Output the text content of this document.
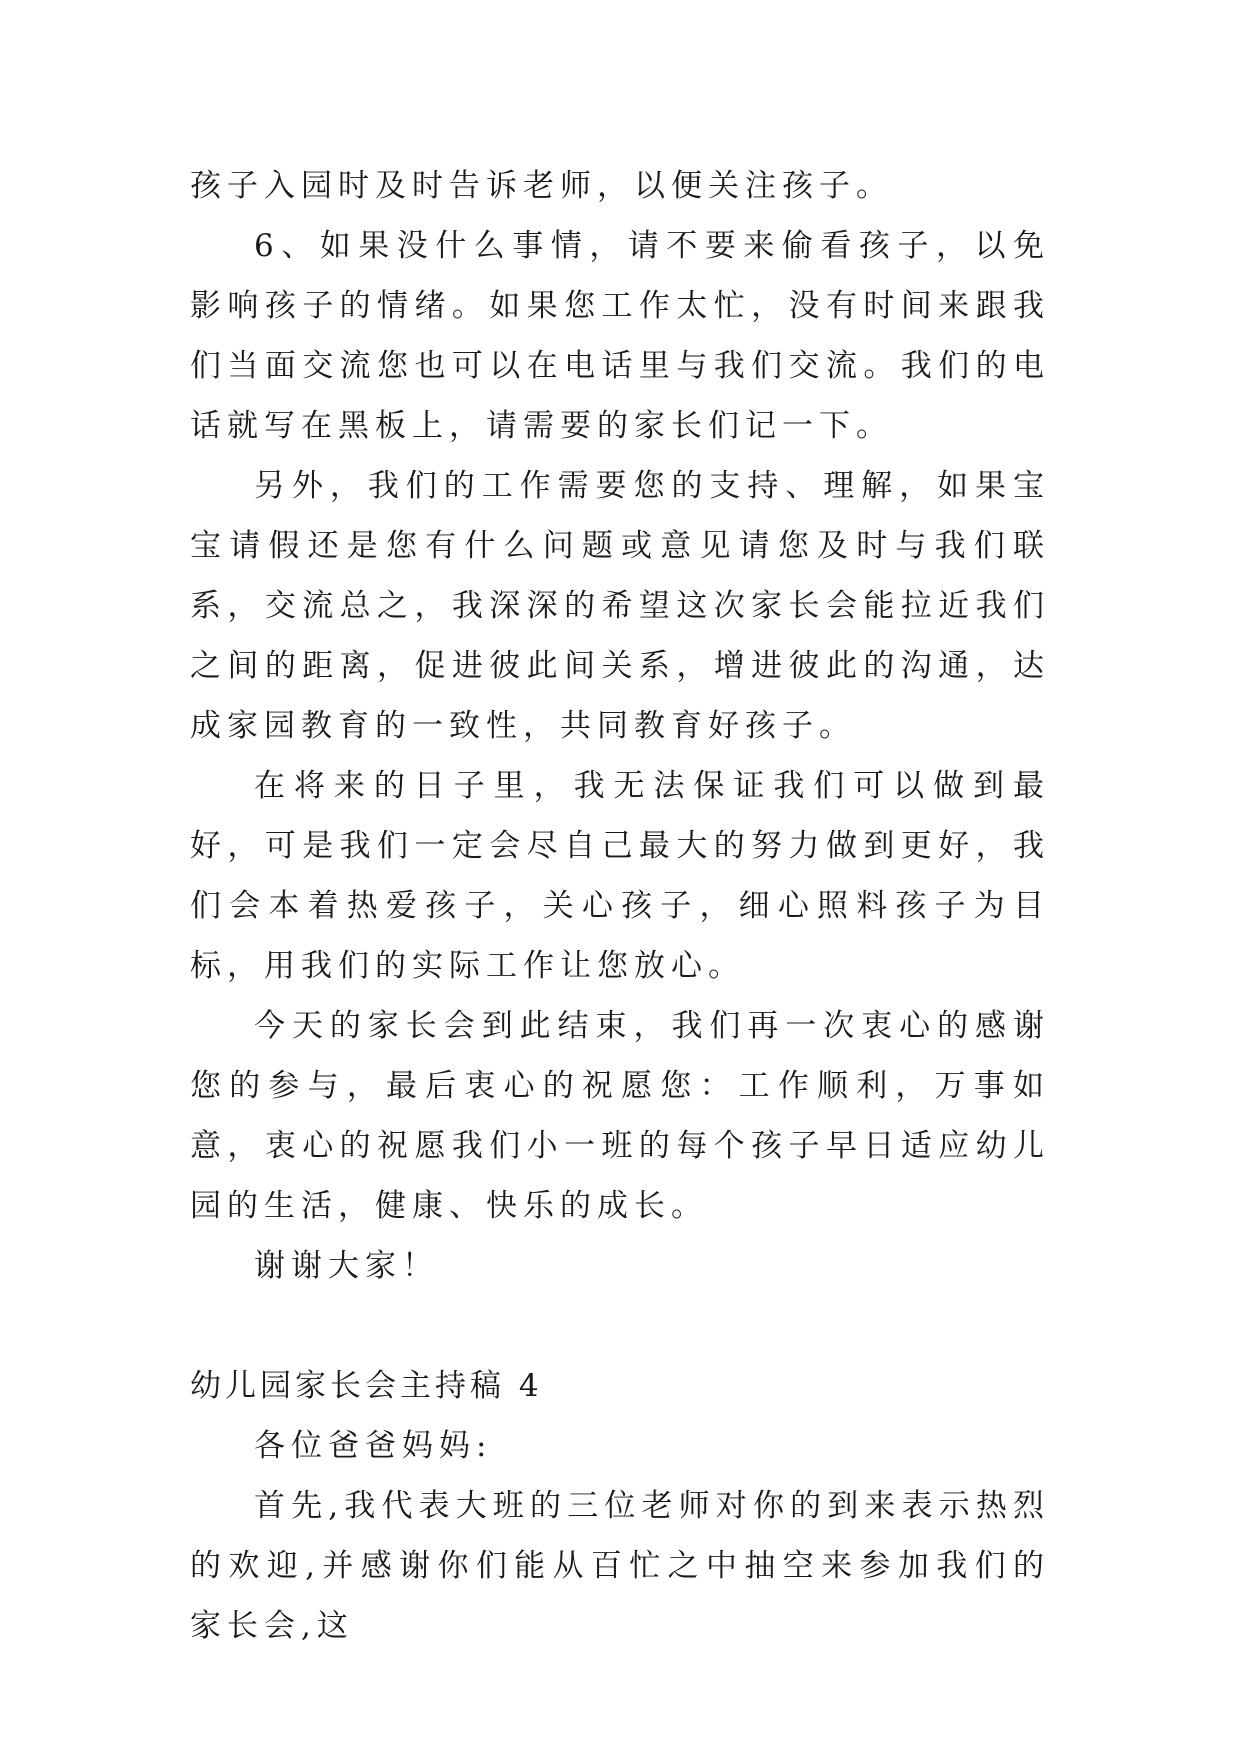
孩子入园时及时告诉老师，以便关注孩子。

6、如果没什么事情，请不要来偷看孩子，以免影响孩子的情绪。如果您工作太忙，没有时间来跟我们当面交流您也可以在电话里与我们交流。我们的电话就写在黑板上，请需要的家长们记一下。

另外，我们的工作需要您的支持、理解，如果宝宝请假还是您有什么问题或意见请您及时与我们联系，交流总之，我深深的希望这次家长会能拉近我们之间的距离，促进彼此间关系，增进彼此的沟通，达成家园教育的一致性，共同教育好孩子。

在将来的日子里，我无法保证我们可以做到最好，可是我们一定会尽自己最大的努力做到更好，我们会本着热爱孩子，关心孩子，细心照料孩子为目标，用我们的实际工作让您放心。

今天的家长会到此结束，我们再一次衷心的感谢您的参与，最后衷心的祝愿您：工作顺利，万事如意，衷心的祝愿我们小一班的每个孩子早日适应幼儿园的生活，健康、快乐的成长。

谢谢大家！

幼儿园家长会主持稿 4

各位爸爸妈妈:

首先,我代表大班的三位老师对你的到来表示热烈的欢迎,并感谢你们能从百忙之中抽空来参加我们的家长会,这
